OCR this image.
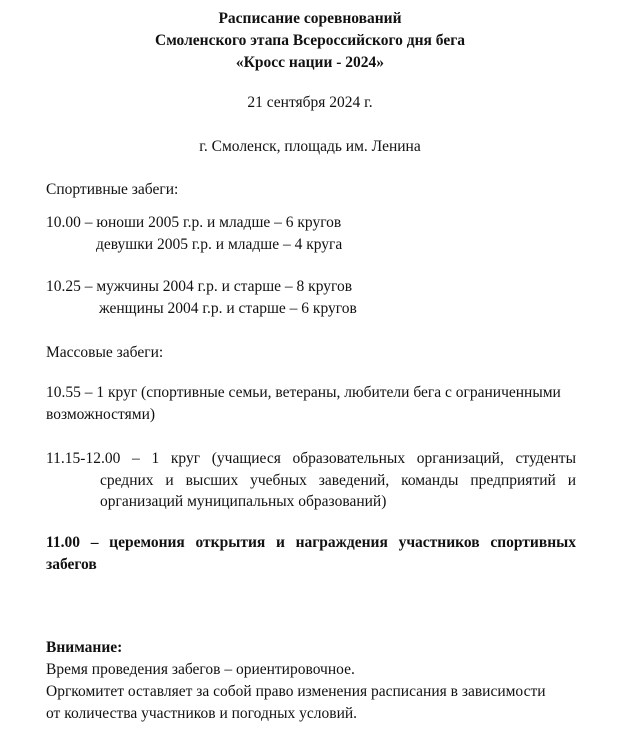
Расписание соревнований
Смоленского этапа Всероссийского дня бега
«Кросс нации - 2024»
21 сентября 2024 г.
г. Смоленск, площадь им. Ленина
Спортивные забеги:
10.00 – юноши 2005 г.р. и младше – 6 кругов
девушки 2005 г.р. и младше – 4 круга
10.25 – мужчины 2004 г.р. и старше – 8 кругов
женщины 2004 г.р. и старше – 6 кругов
Массовые забеги:
10.55 – 1 круг (спортивные семьи, ветераны, любители бега с ограниченными
возможностями)
11.15-12.00 – 1 круг (учащиеся образовательных организаций, студенты
средних и высших учебных заведений, команды предприятий и
организаций муниципальных образований)
11.00 – церемония открытия и награждения участников спортивных
забегов
Внимание:
Время проведения забегов – ориентировочное.
Оргкомитет оставляет за собой право изменения расписания в зависимости
от количества участников и погодных условий.
